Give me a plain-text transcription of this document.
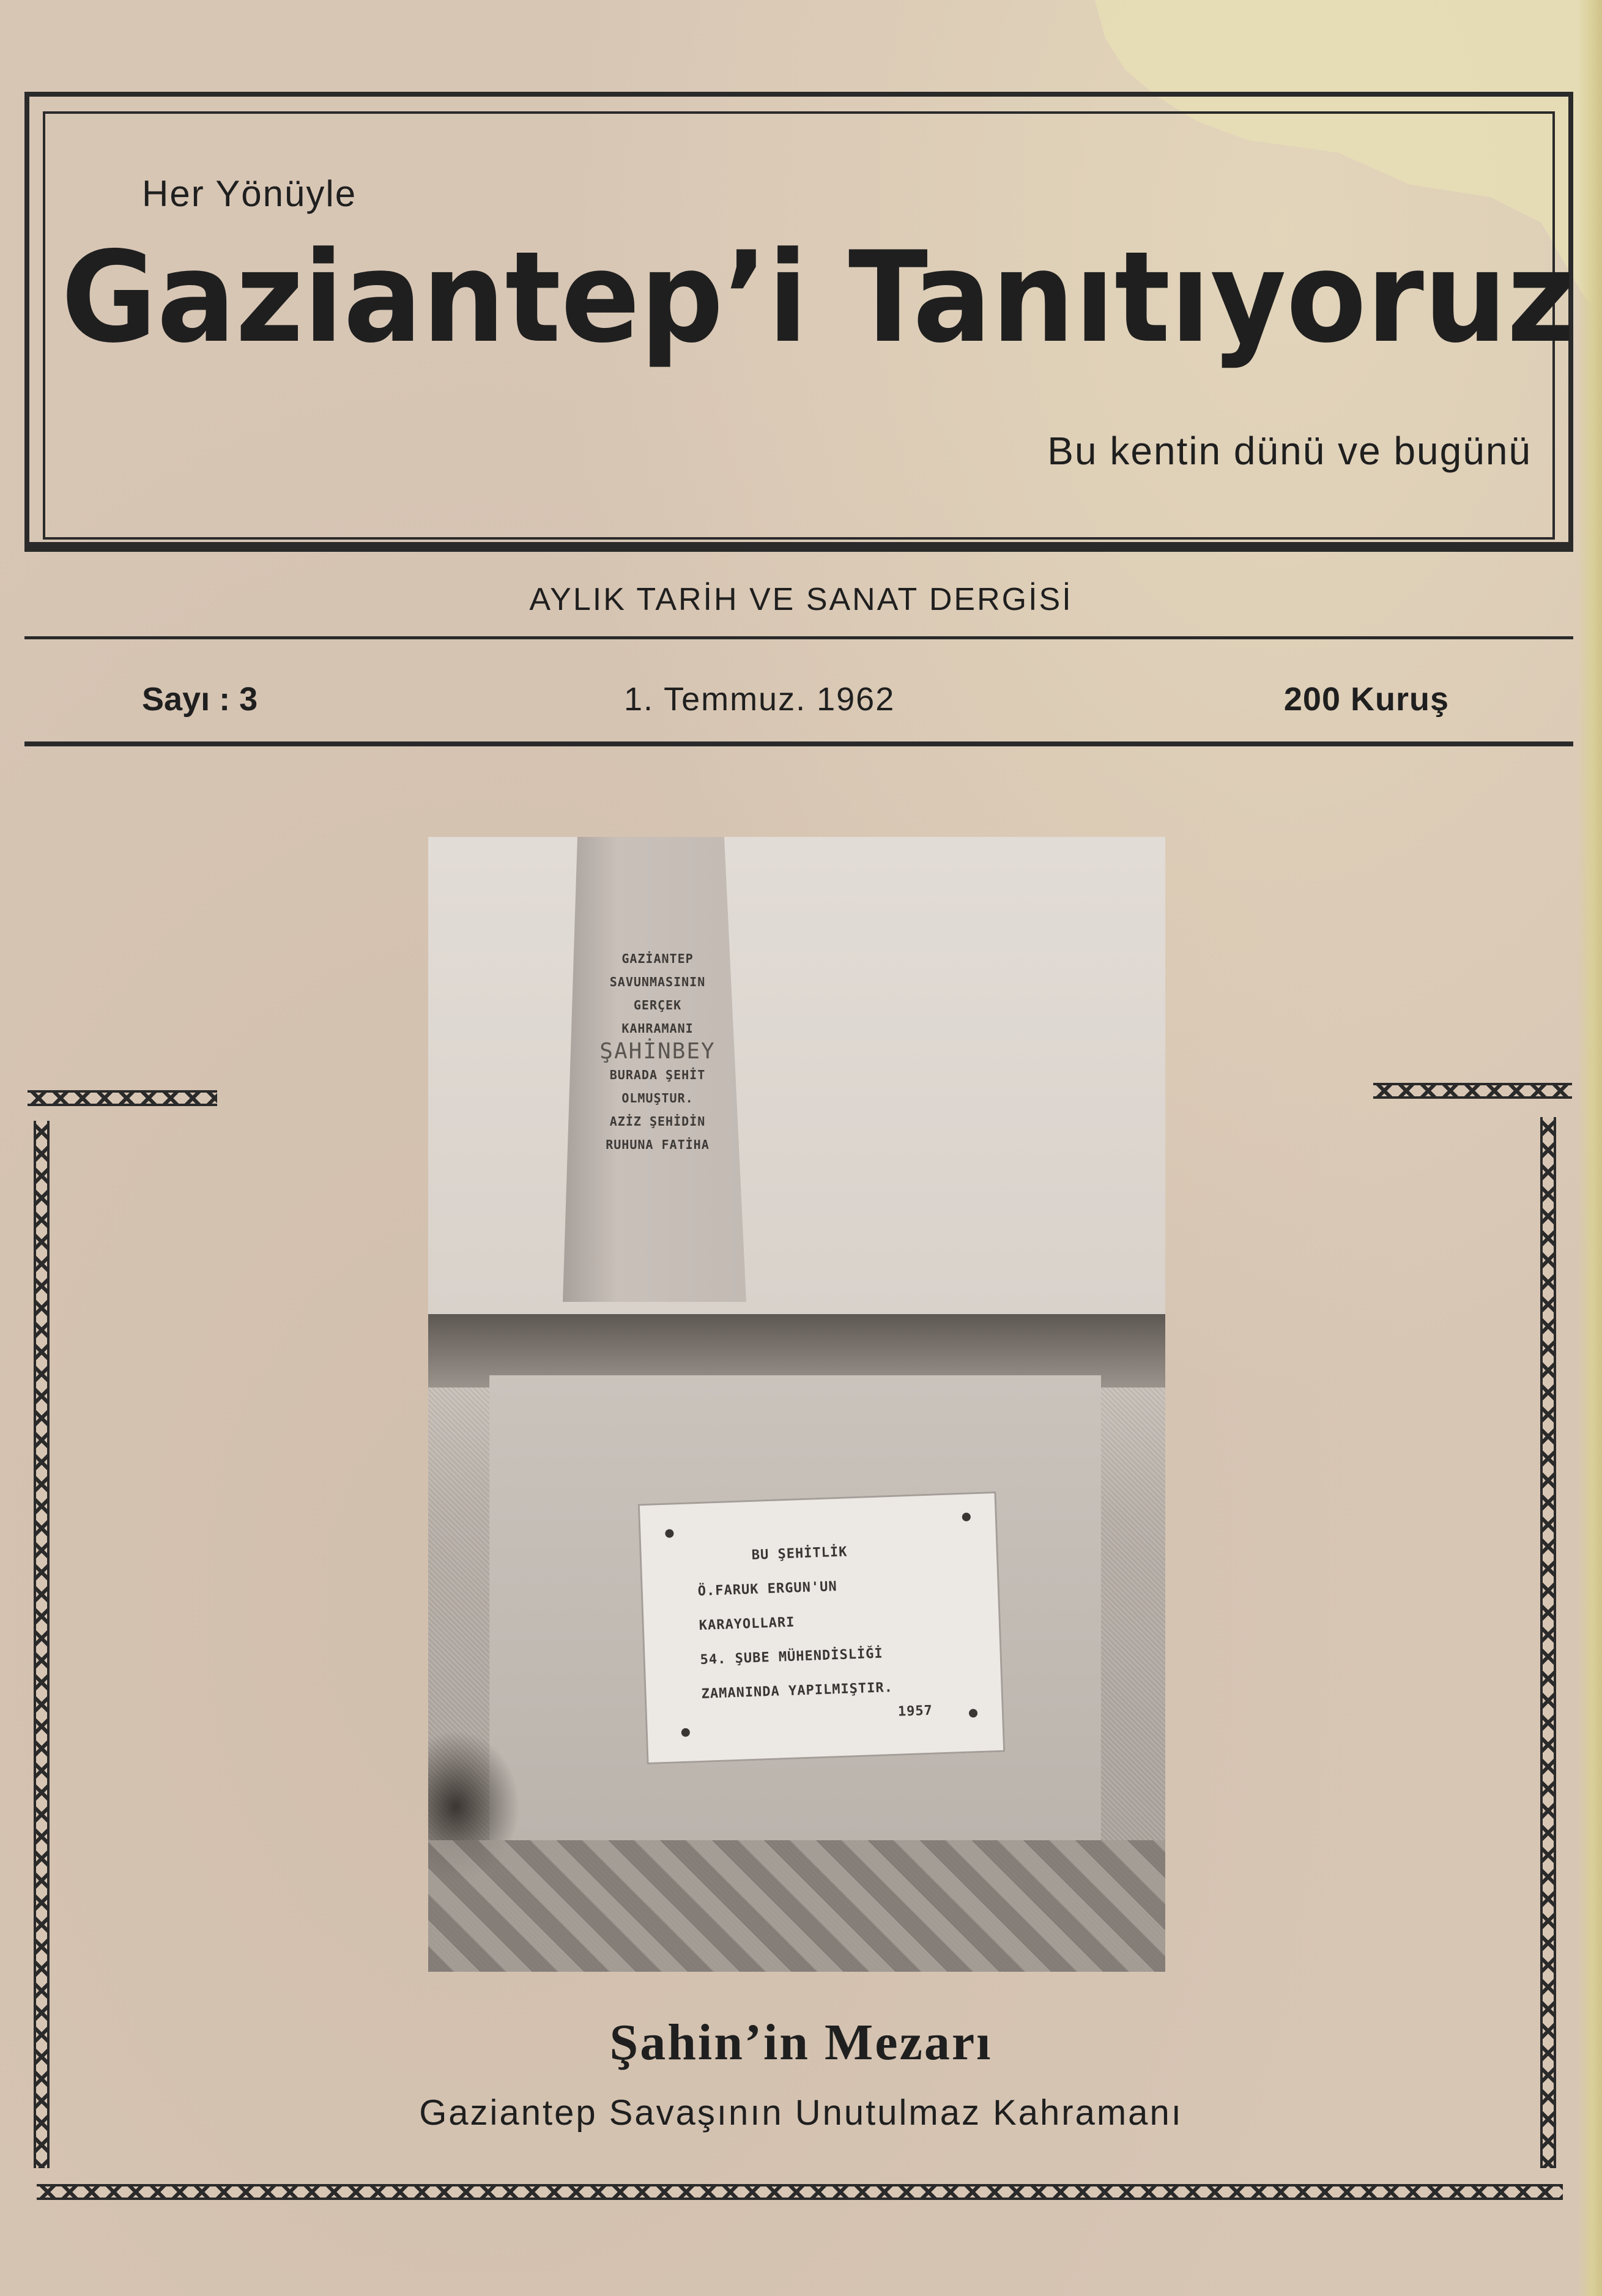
Her Yönüyle
Gaziantep’i Tanıtıyoruz
Bu kentin dünü ve bugünü
AYLIK TARİH VE SANAT DERGİSİ
Sayı : 3	1. Temmuz. 1962	200 Kuruş
GAZİANTEP
SAVUNMASININ
GERÇEK
KAHRAMANI
ŞAHİNBEY
BURADA ŞEHİT
OLMUŞTUR.
AZİZ ŞEHİDİN
RUHUNA FATİHA
BU ŞEHİTLİK
Ö.FARUK ERGUN'UN
KARAYOLLARI
54. ŞUBE MÜHENDİSLİĞİ
ZAMANINDA YAPILMIŞTIR.
1957
Şahin’in Mezarı
Gaziantep Savaşının Unutulmaz Kahramanı
